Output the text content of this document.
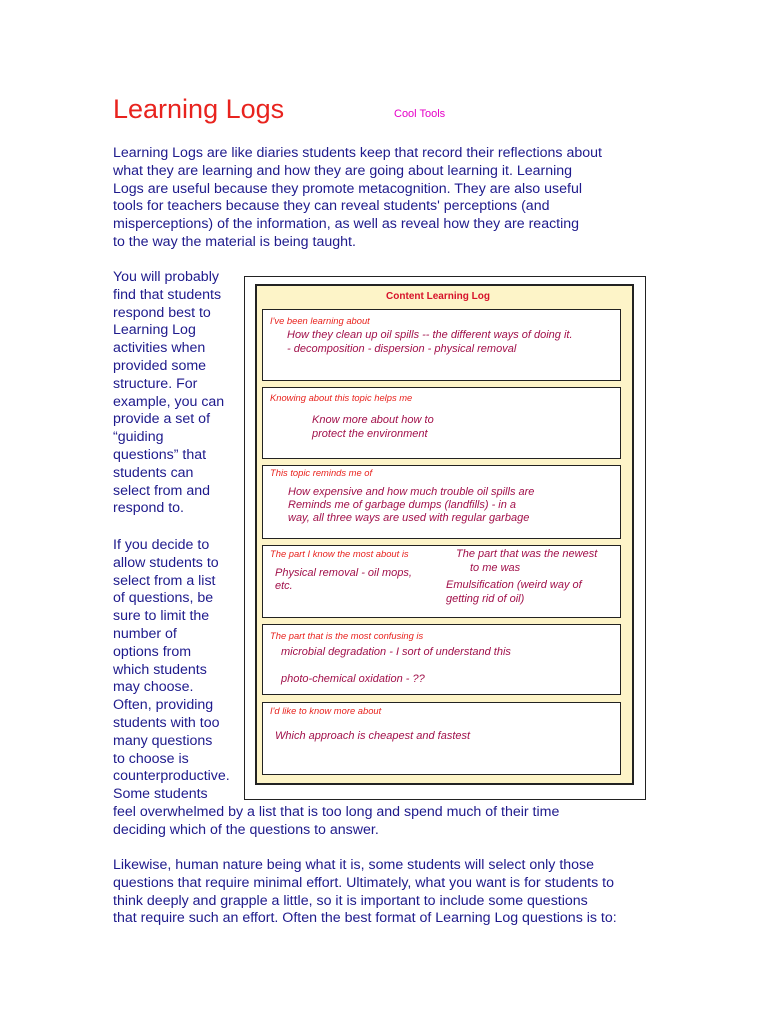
Learning Logs	Cool Tools
Learning Logs are like diaries students keep that record their reflections about
what they are learning and how they are going about learning it. Learning
Logs are useful because they promote metacognition. They are also useful
tools for teachers because they can reveal students' perceptions (and
misperceptions) of the information, as well as reveal how they are reacting
to the way the material is being taught.
You will probably
find that students
respond best to
Learning Log
activities when
provided some
structure. For
example, you can
provide a set of
“guiding
questions” that
students can
select from and
respond to.
If you decide to
allow students to
select from a list
of questions, be
sure to limit the
number of
options from
which students
may choose.
Often, providing
students with too
many questions
to choose is
counterproductive.
Some students
feel overwhelmed by a list that is too long and spend much of their time
deciding which of the questions to answer.
Likewise, human nature being what it is, some students will select only those
questions that require minimal effort. Ultimately, what you want is for students to
think deeply and grapple a little, so it is important to include some questions
that require such an effort. Often the best format of Learning Log questions is to:
Content Learning Log
I've been learning about
How they clean up oil spills -- the different ways of doing it.
- decomposition - dispersion - physical removal
Knowing about this topic helps me
Know more about how to
protect the environment
This topic reminds me of
How expensive and how much trouble oil spills are
Reminds me of garbage dumps (landfills) - in a
way, all three ways are used with regular garbage
The part I know the most about is
Physical removal - oil mops,
etc.
The part that was the newest
to me was
Emulsification (weird way of
getting rid of oil)
The part that is the most confusing is
microbial degradation - I sort of understand this
photo-chemical oxidation - ??
I'd like to know more about
Which approach is cheapest and fastest
